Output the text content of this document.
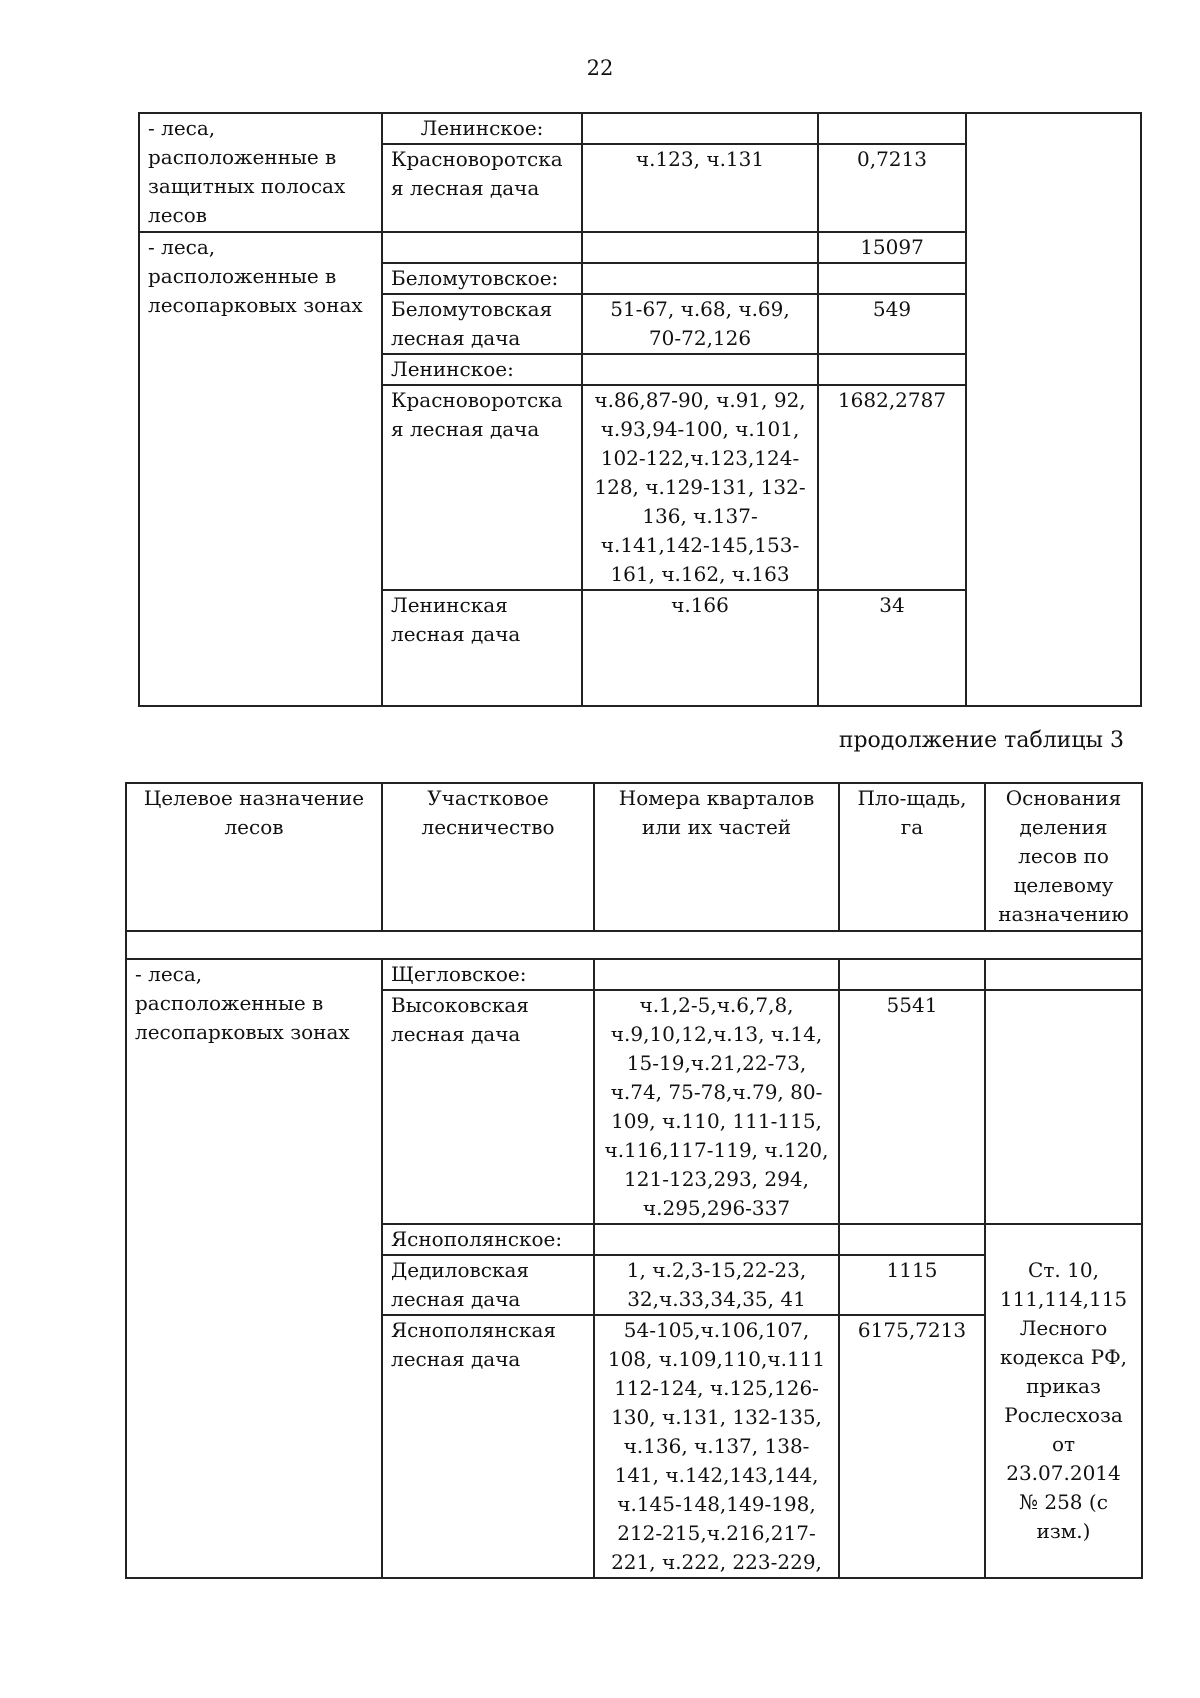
22
- леса, расположенные в защитных полосах лесов	Ленинское:			
	Красноворотская лесная дача	ч.123, ч.131	0,7213	
- леса, расположенные в лесопарковых зонах			15097	
	Беломутовское:			
	Беломутовская лесная дача	51-67, ч.68, ч.69, 70-72,126	549	
	Ленинское:			
	Красноворотская лесная дача	ч.86,87-90, ч.91, 92, ч.93,94-100, ч.101, 102-122,ч.123,124-128, ч.129-131, 132-136, ч.137-ч.141,142-145,153-161, ч.162, ч.163	1682,2787	
	Ленинская лесная дача	ч.166	34	
продолжение таблицы 3
Целевое назначение лесов	Участковое лесничество	Номера кварталов или их частей	Пло-щадь, га	Основания деления лесов по целевому назначению

- леса, расположенные в лесопарковых зонах	Щегловское:			
	Высоковская лесная дача	ч.1,2-5,ч.6,7,8, ч.9,10,12,ч.13, ч.14, 15-19,ч.21,22-73, ч.74, 75-78,ч.79, 80-109, ч.110, 111-115, ч.116,117-119, ч.120, 121-123,293, 294, ч.295,296-337	5541	
	Яснополянское:			Ст. 10, 111,114,115 Лесного кодекса РФ, приказ Рослесхоза от 23.07.2014 № 258 (с изм.)
	Дедиловская лесная дача	1, ч.2,3-15,22-23, 32,ч.33,34,35, 41	1115	
	Яснополянская лесная дача	54-105,ч.106,107, 108, ч.109,110,ч.111 112-124, ч.125,126-130, ч.131, 132-135, ч.136, ч.137, 138-141, ч.142,143,144, ч.145-148,149-198, 212-215,ч.216,217-221, ч.222, 223-229,	6175,7213	
